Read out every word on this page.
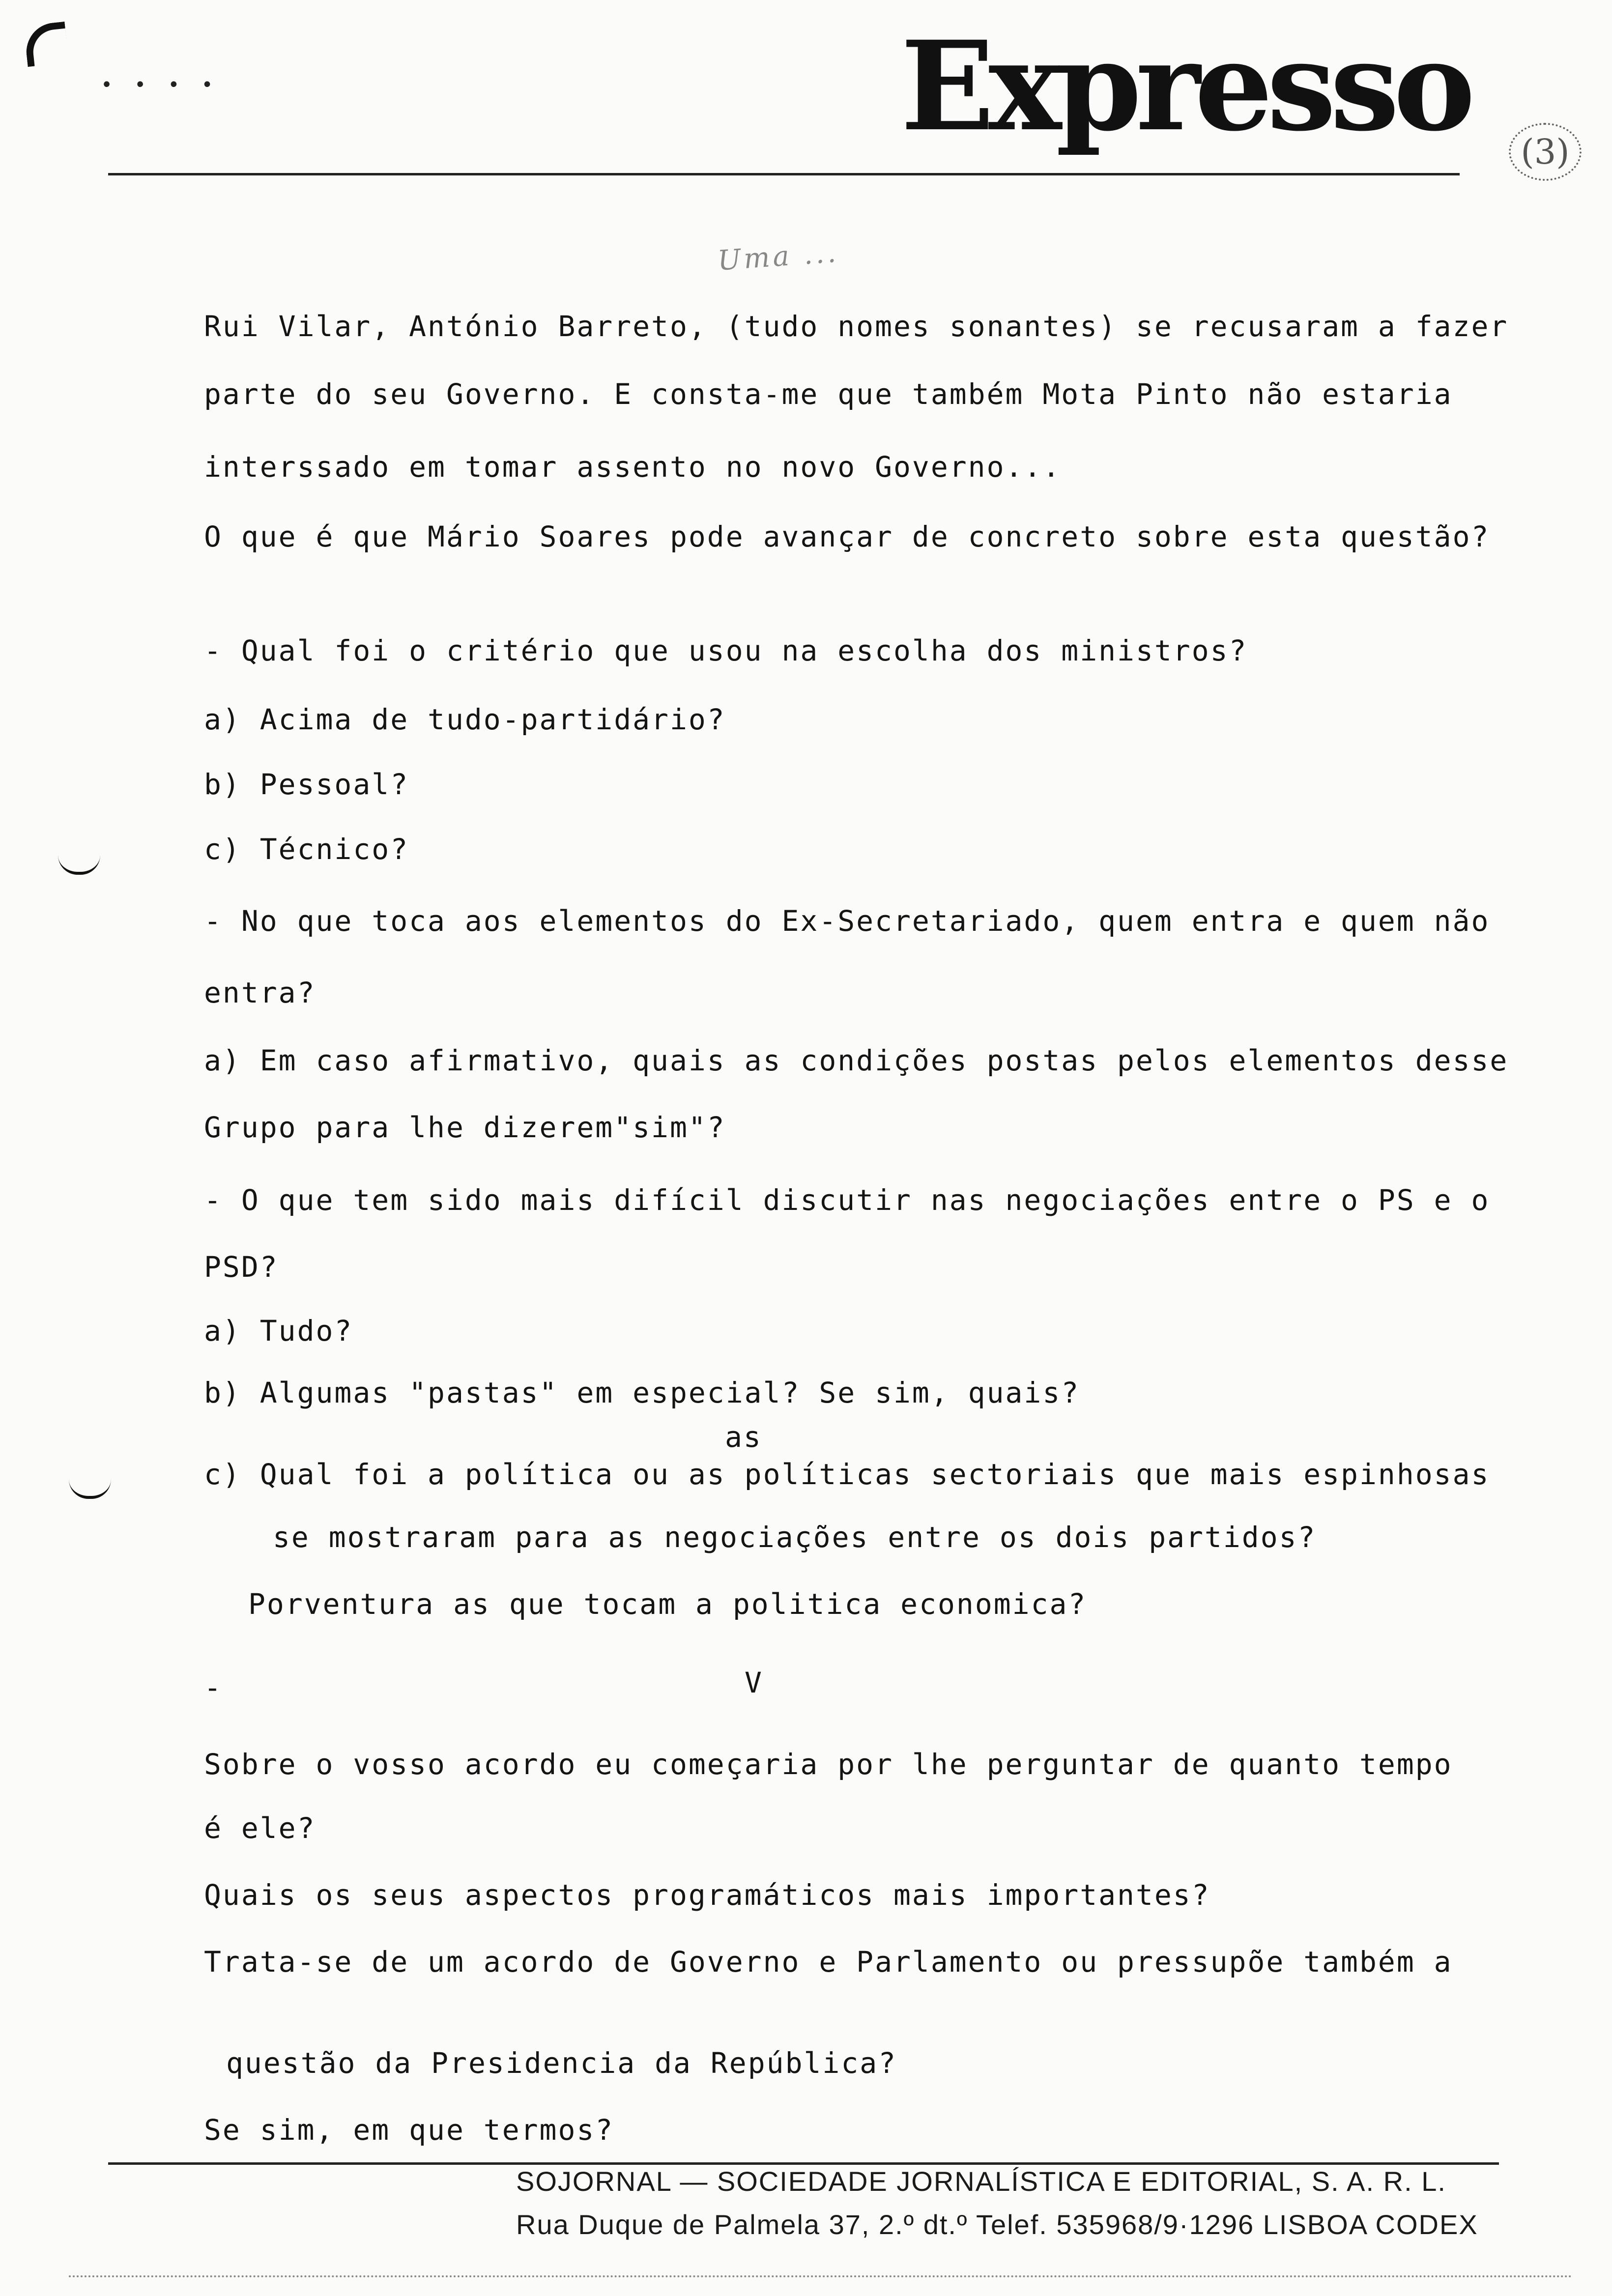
• • • •	Expresso	(3)
Uma ...

Rui Vilar, António Barreto, (tudo nomes sonantes) se recusaram a fazer

parte do seu Governo. E consta-me que também Mota Pinto não estaria

interssado em tomar assento no novo Governo...

O que é que Mário Soares pode avançar de concreto sobre esta questão?

- Qual foi o critério que usou na escolha dos ministros?

a) Acima de tudo-partidário?

b) Pessoal?

c) Técnico?

- No que toca aos elementos do Ex-Secretariado, quem entra e quem não

entra?

a) Em caso afirmativo, quais as condições postas pelos elementos desse

Grupo para lhe dizerem"sim"?

- O que tem sido mais difícil discutir nas negociações entre o PS e o

PSD?

a) Tudo?

b) Algumas "pastas" em especial? Se sim, quais?

as

c) Qual foi a política ou as políticas sectoriais que mais espinhosas

se mostraram para as negociações entre os dois partidos?

Porventura as que tocam a politica economica?

-	V

Sobre o vosso acordo eu começaria por lhe perguntar de quanto tempo

é ele?

Quais os seus aspectos programáticos mais importantes?

Trata-se de um acordo de Governo e Parlamento ou pressupõe também a

questão da Presidencia da República?

Se sim, em que termos?

SOJORNAL — SOCIEDADE JORNALÍSTICA E EDITORIAL, S. A. R. L.
Rua Duque de Palmela 37, 2.º dt.º Telef. 535968/9·1296 LISBOA CODEX
